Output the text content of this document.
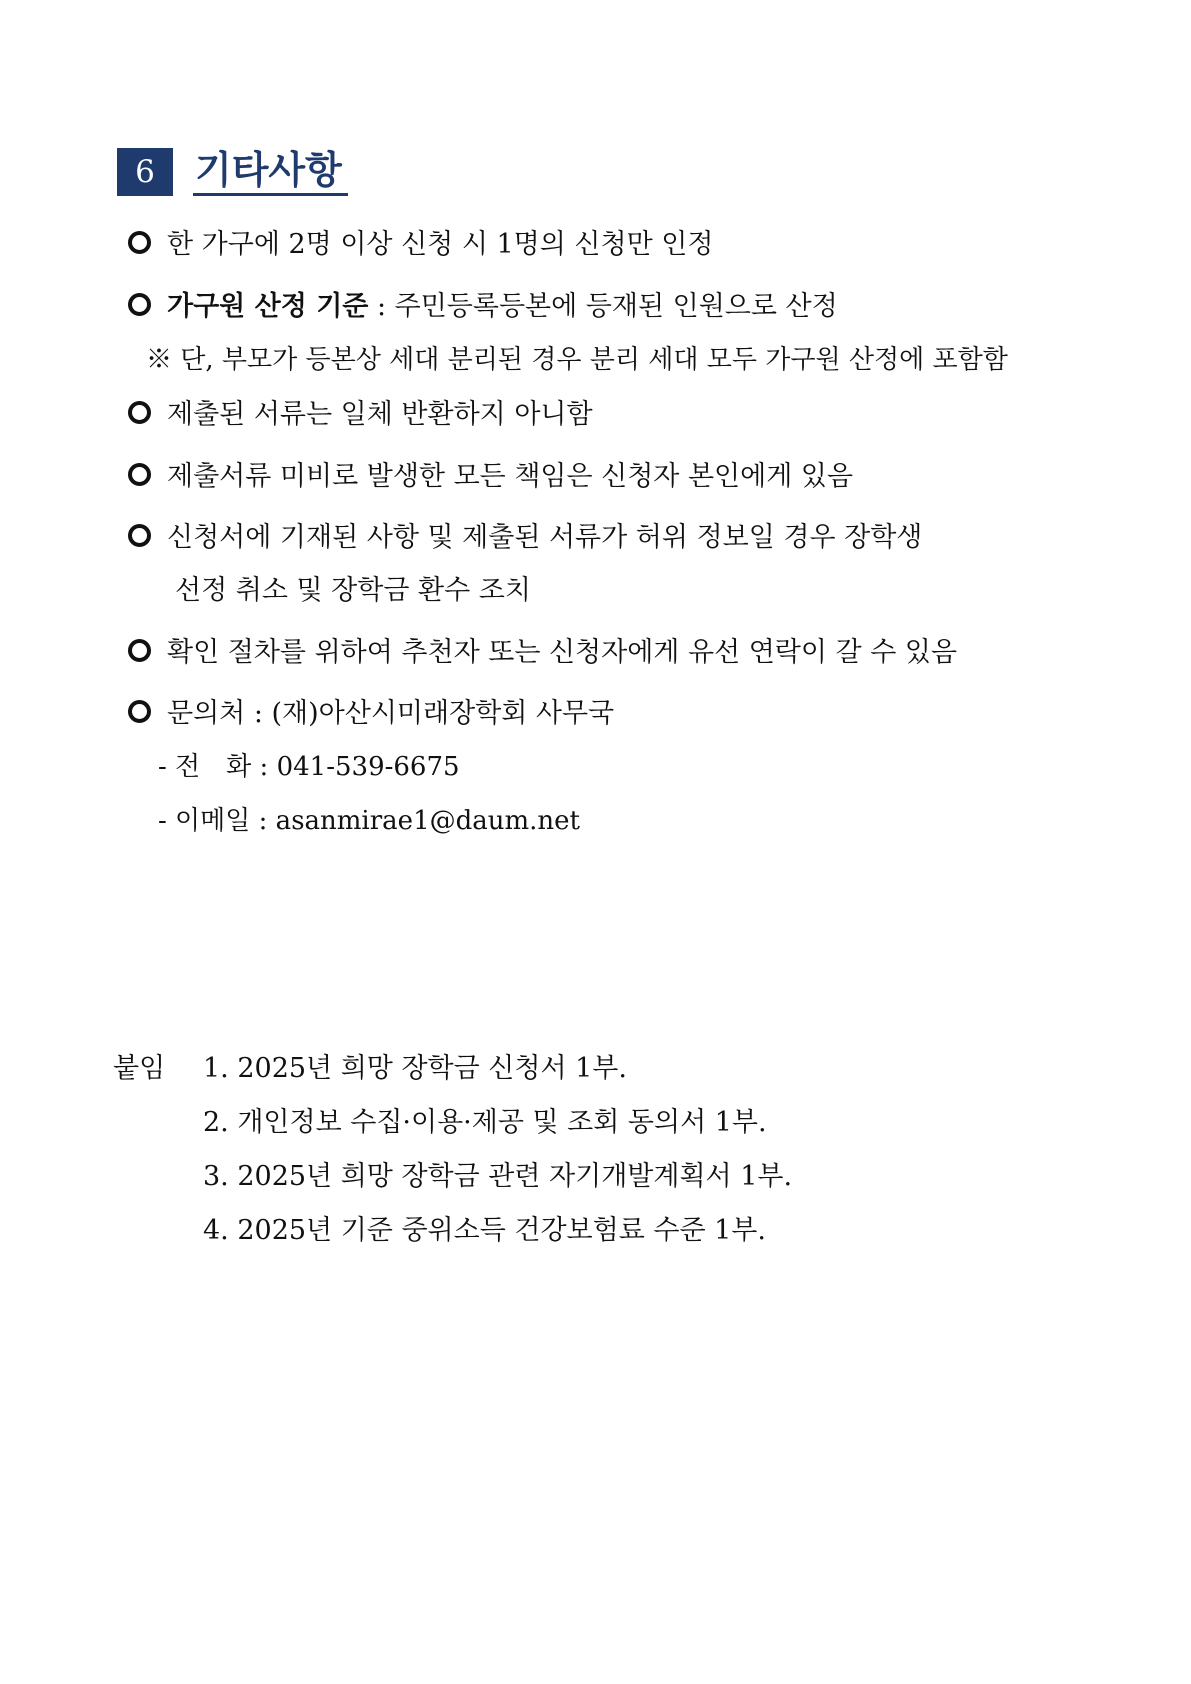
6	기타사항
한 가구에 2명 이상 신청 시 1명의 신청만 인정
가구원 산정 기준 : 주민등록등본에 등재된 인원으로 산정
※ 단, 부모가 등본상 세대 분리된 경우 분리 세대 모두 가구원 산정에 포함함
제출된 서류는 일체 반환하지 아니함
제출서류 미비로 발생한 모든 책임은 신청자 본인에게 있음
신청서에 기재된 사항 및 제출된 서류가 허위 정보일 경우 장학생
선정 취소 및 장학금 환수 조치
확인 절차를 위하여 추천자 또는 신청자에게 유선 연락이 갈 수 있음
문의처 : (재)아산시미래장학회 사무국
- 전　화 : 041-539-6675
- 이메일 : asanmirae1@daum.net
붙임 1. 2025년 희망 장학금 신청서 1부.
2. 개인정보 수집·이용·제공 및 조회 동의서 1부.
3. 2025년 희망 장학금 관련 자기개발계획서 1부.
4. 2025년 기준 중위소득 건강보험료 수준 1부.
